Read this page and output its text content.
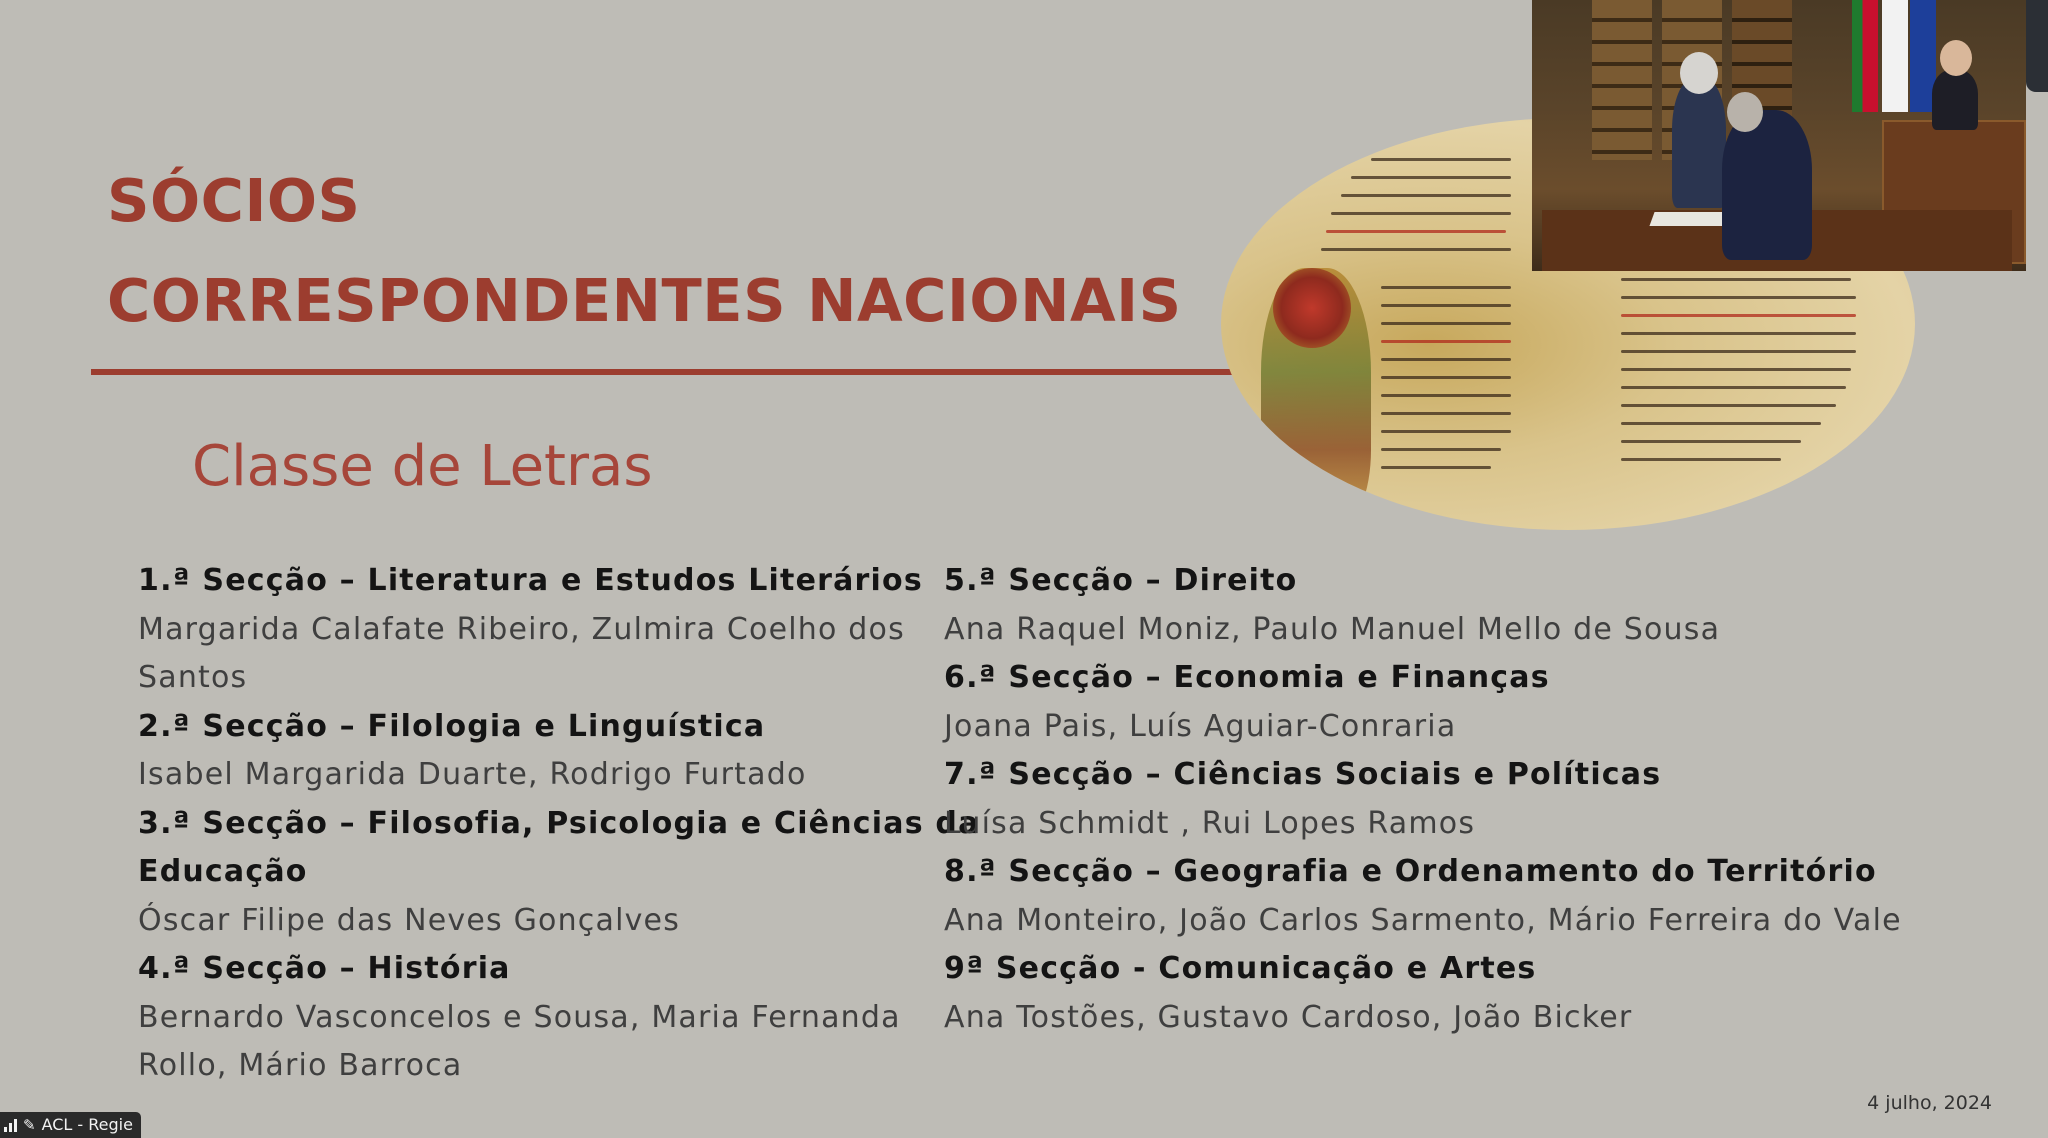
SÓCIOS
CORRESPONDENTES NACIONAIS
Classe de Letras
1.ª Secção – Literatura e Estudos Literários
Margarida Calafate Ribeiro, Zulmira Coelho dos
Santos
2.ª Secção – Filologia e Linguística
Isabel Margarida Duarte, Rodrigo Furtado
3.ª Secção – Filosofia, Psicologia e Ciências da
Educação
Óscar Filipe das Neves Gonçalves
4.ª Secção – História
Bernardo Vasconcelos e Sousa, Maria Fernanda
Rollo, Mário Barroca
5.ª Secção – Direito
Ana Raquel Moniz, Paulo Manuel Mello de Sousa
6.ª Secção – Economia e Finanças
Joana Pais, Luís Aguiar-Conraria
7.ª Secção – Ciências Sociais e Políticas
Luísa Schmidt , Rui Lopes Ramos
8.ª Secção – Geografia e Ordenamento do Território
Ana Monteiro, João Carlos Sarmento, Mário Ferreira do Vale
9ª Secção - Comunicação e Artes
Ana Tostões, Gustavo Cardoso, João Bicker
4 julho, 2024
✎ ACL - Regie
